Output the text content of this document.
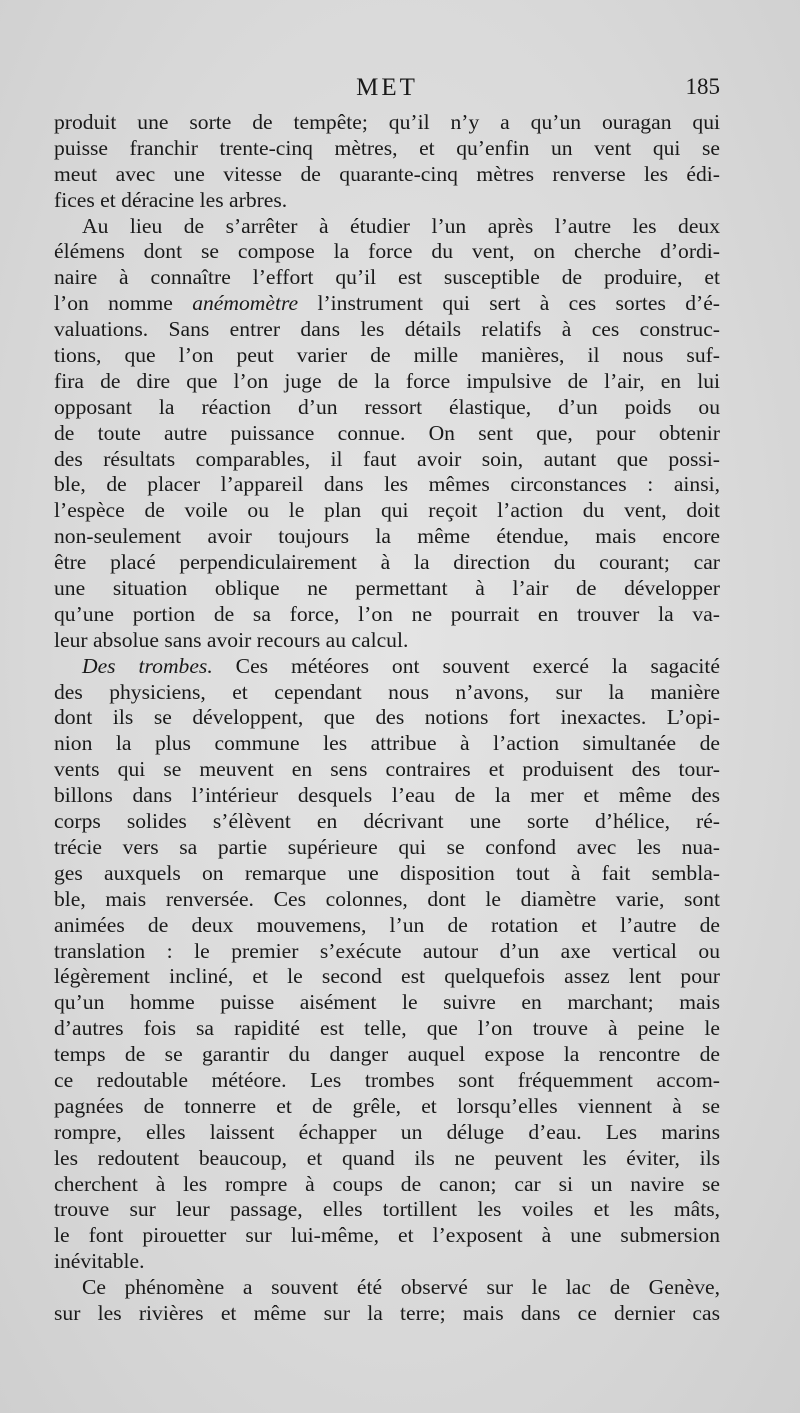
MET	185
produit une sorte de tempête; qu’il n’y a qu’un ouragan qui
puisse franchir trente-cinq mètres, et qu’enfin un vent qui se
meut avec une vitesse de quarante-cinq mètres renverse les édi-
fices et déracine les arbres.
Au lieu de s’arrêter à étudier l’un après l’autre les deux
élémens dont se compose la force du vent, on cherche d’ordi-
naire à connaître l’effort qu’il est susceptible de produire, et
l’on nomme anémomètre l’instrument qui sert à ces sortes d’é-
valuations. Sans entrer dans les détails relatifs à ces construc-
tions, que l’on peut varier de mille manières, il nous suf-
fira de dire que l’on juge de la force impulsive de l’air, en lui
opposant la réaction d’un ressort élastique, d’un poids ou
de toute autre puissance connue. On sent que, pour obtenir
des résultats comparables, il faut avoir soin, autant que possi-
ble, de placer l’appareil dans les mêmes circonstances : ainsi,
l’espèce de voile ou le plan qui reçoit l’action du vent, doit
non-seulement avoir toujours la même étendue, mais encore
être placé perpendiculairement à la direction du courant; car
une situation oblique ne permettant à l’air de développer
qu’une portion de sa force, l’on ne pourrait en trouver la va-
leur absolue sans avoir recours au calcul.
Des trombes. Ces météores ont souvent exercé la sagacité
des physiciens, et cependant nous n’avons, sur la manière
dont ils se développent, que des notions fort inexactes. L’opi-
nion la plus commune les attribue à l’action simultanée de
vents qui se meuvent en sens contraires et produisent des tour-
billons dans l’intérieur desquels l’eau de la mer et même des
corps solides s’élèvent en décrivant une sorte d’hélice, ré-
trécie vers sa partie supérieure qui se confond avec les nua-
ges auxquels on remarque une disposition tout à fait sembla-
ble, mais renversée. Ces colonnes, dont le diamètre varie, sont
animées de deux mouvemens, l’un de rotation et l’autre de
translation : le premier s’exécute autour d’un axe vertical ou
légèrement incliné, et le second est quelquefois assez lent pour
qu’un homme puisse aisément le suivre en marchant; mais
d’autres fois sa rapidité est telle, que l’on trouve à peine le
temps de se garantir du danger auquel expose la rencontre de
ce redoutable météore. Les trombes sont fréquemment accom-
pagnées de tonnerre et de grêle, et lorsqu’elles viennent à se
rompre, elles laissent échapper un déluge d’eau. Les marins
les redoutent beaucoup, et quand ils ne peuvent les éviter, ils
cherchent à les rompre à coups de canon; car si un navire se
trouve sur leur passage, elles tortillent les voiles et les mâts,
le font pirouetter sur lui-même, et l’exposent à une submersion
inévitable.
Ce phénomène a souvent été observé sur le lac de Genève,
sur les rivières et même sur la terre; mais dans ce dernier cas
